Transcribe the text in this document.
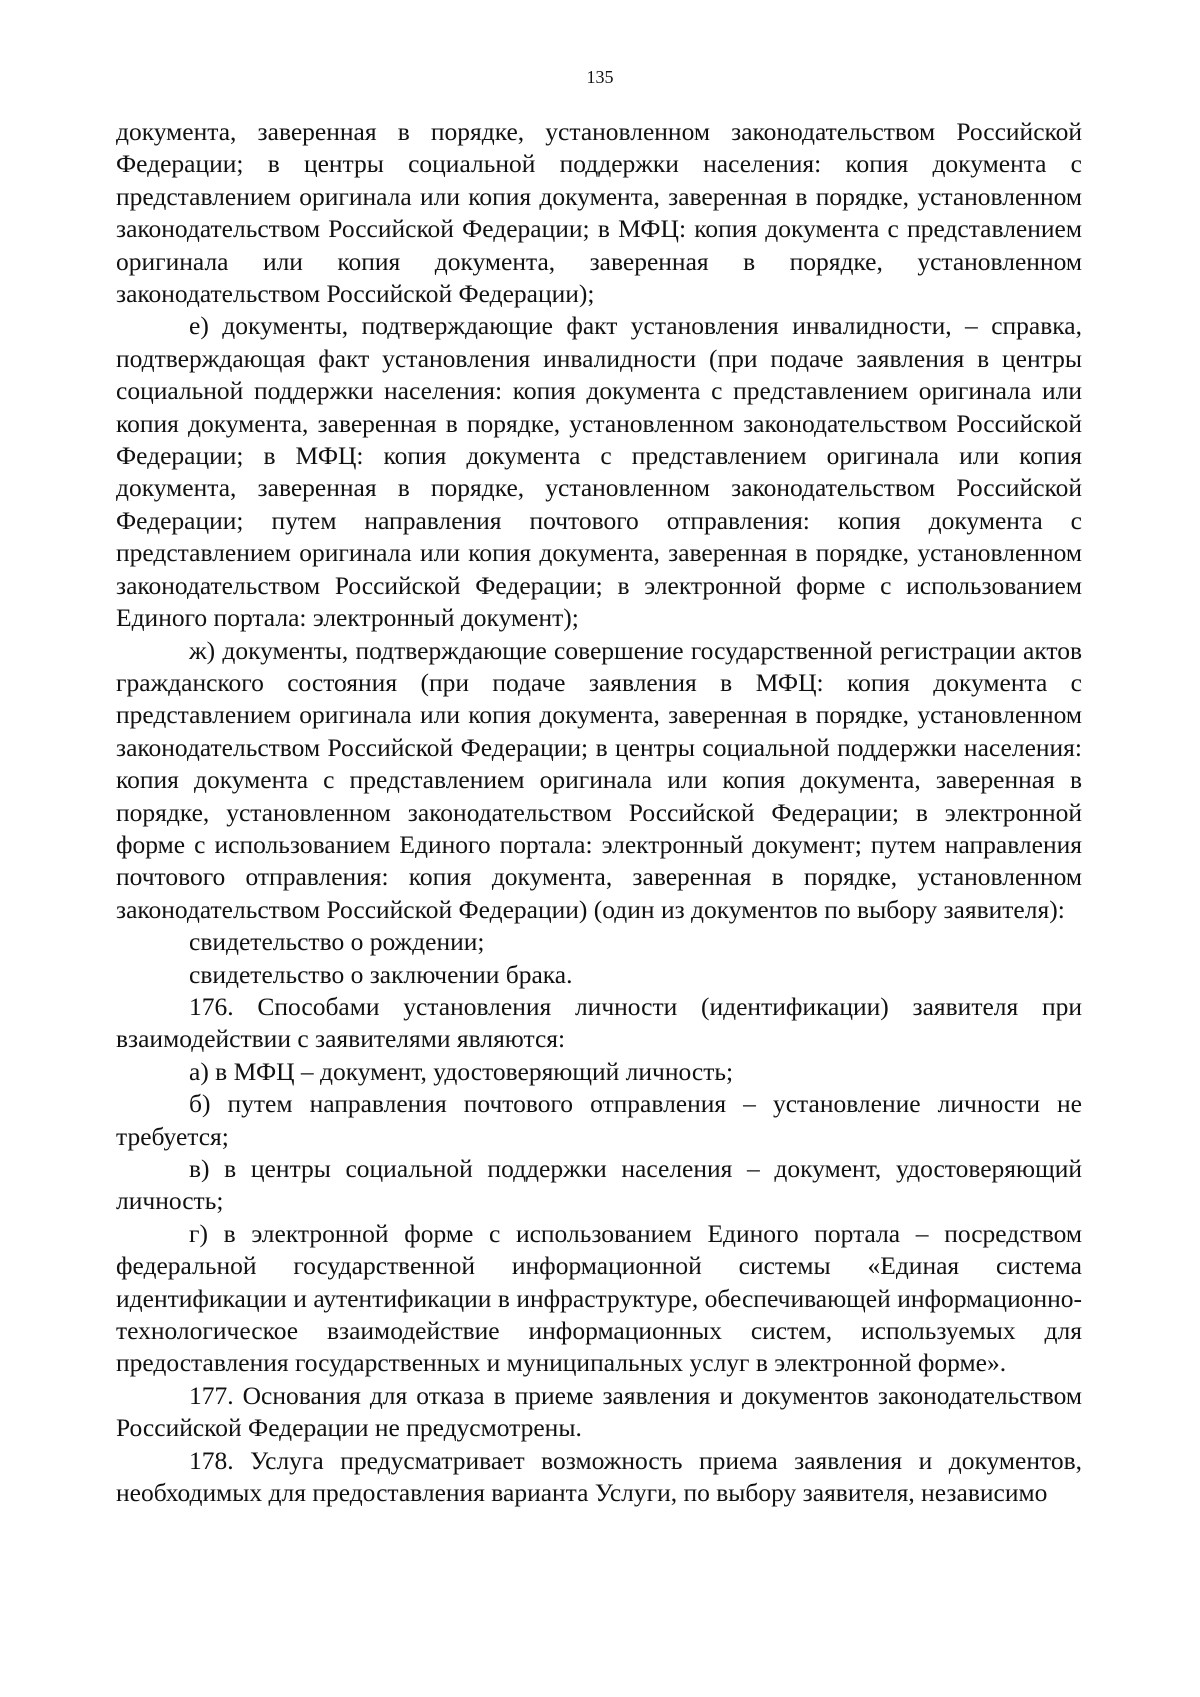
135

документа, заверенная в порядке, установленном законодательством Российской Федерации; в центры социальной поддержки населения: копия документа с представлением оригинала или копия документа, заверенная в порядке, установленном законодательством Российской Федерации; в МФЦ: копия документа с представлением оригинала или копия документа, заверенная в порядке, установленном законодательством Российской Федерации);

е) документы, подтверждающие факт установления инвалидности, – справка, подтверждающая факт установления инвалидности (при подаче заявления в центры социальной поддержки населения: копия документа с представлением оригинала или копия документа, заверенная в порядке, установленном законодательством Российской Федерации; в МФЦ: копия документа с представлением оригинала или копия документа, заверенная в порядке, установленном законодательством Российской Федерации; путем направления почтового отправления: копия документа с представлением оригинала или копия документа, заверенная в порядке, установленном законодательством Российской Федерации; в электронной форме с использованием Единого портала: электронный документ);

ж) документы, подтверждающие совершение государственной регистрации актов гражданского состояния (при подаче заявления в МФЦ: копия документа с представлением оригинала или копия документа, заверенная в порядке, установленном законодательством Российской Федерации; в центры социальной поддержки населения: копия документа с представлением оригинала или копия документа, заверенная в порядке, установленном законодательством Российской Федерации; в электронной форме с использованием Единого портала: электронный документ; путем направления почтового отправления: копия документа, заверенная в порядке, установленном законодательством Российской Федерации) (один из документов по выбору заявителя):

свидетельство о рождении;

свидетельство о заключении брака.

176. Способами установления личности (идентификации) заявителя при взаимодействии с заявителями являются:

а) в МФЦ – документ, удостоверяющий личность;

б) путем направления почтового отправления – установление личности не требуется;

в) в центры социальной поддержки населения – документ, удостоверяющий личность;

г) в электронной форме с использованием Единого портала – посредством федеральной государственной информационной системы «Единая система идентификации и аутентификации в инфраструктуре, обеспечивающей информационно-технологическое взаимодействие информационных систем, используемых для предоставления государственных и муниципальных услуг в электронной форме».

177. Основания для отказа в приеме заявления и документов законодательством Российской Федерации не предусмотрены.

178. Услуга предусматривает возможность приема заявления и документов, необходимых для предоставления варианта Услуги, по выбору заявителя, независимо
